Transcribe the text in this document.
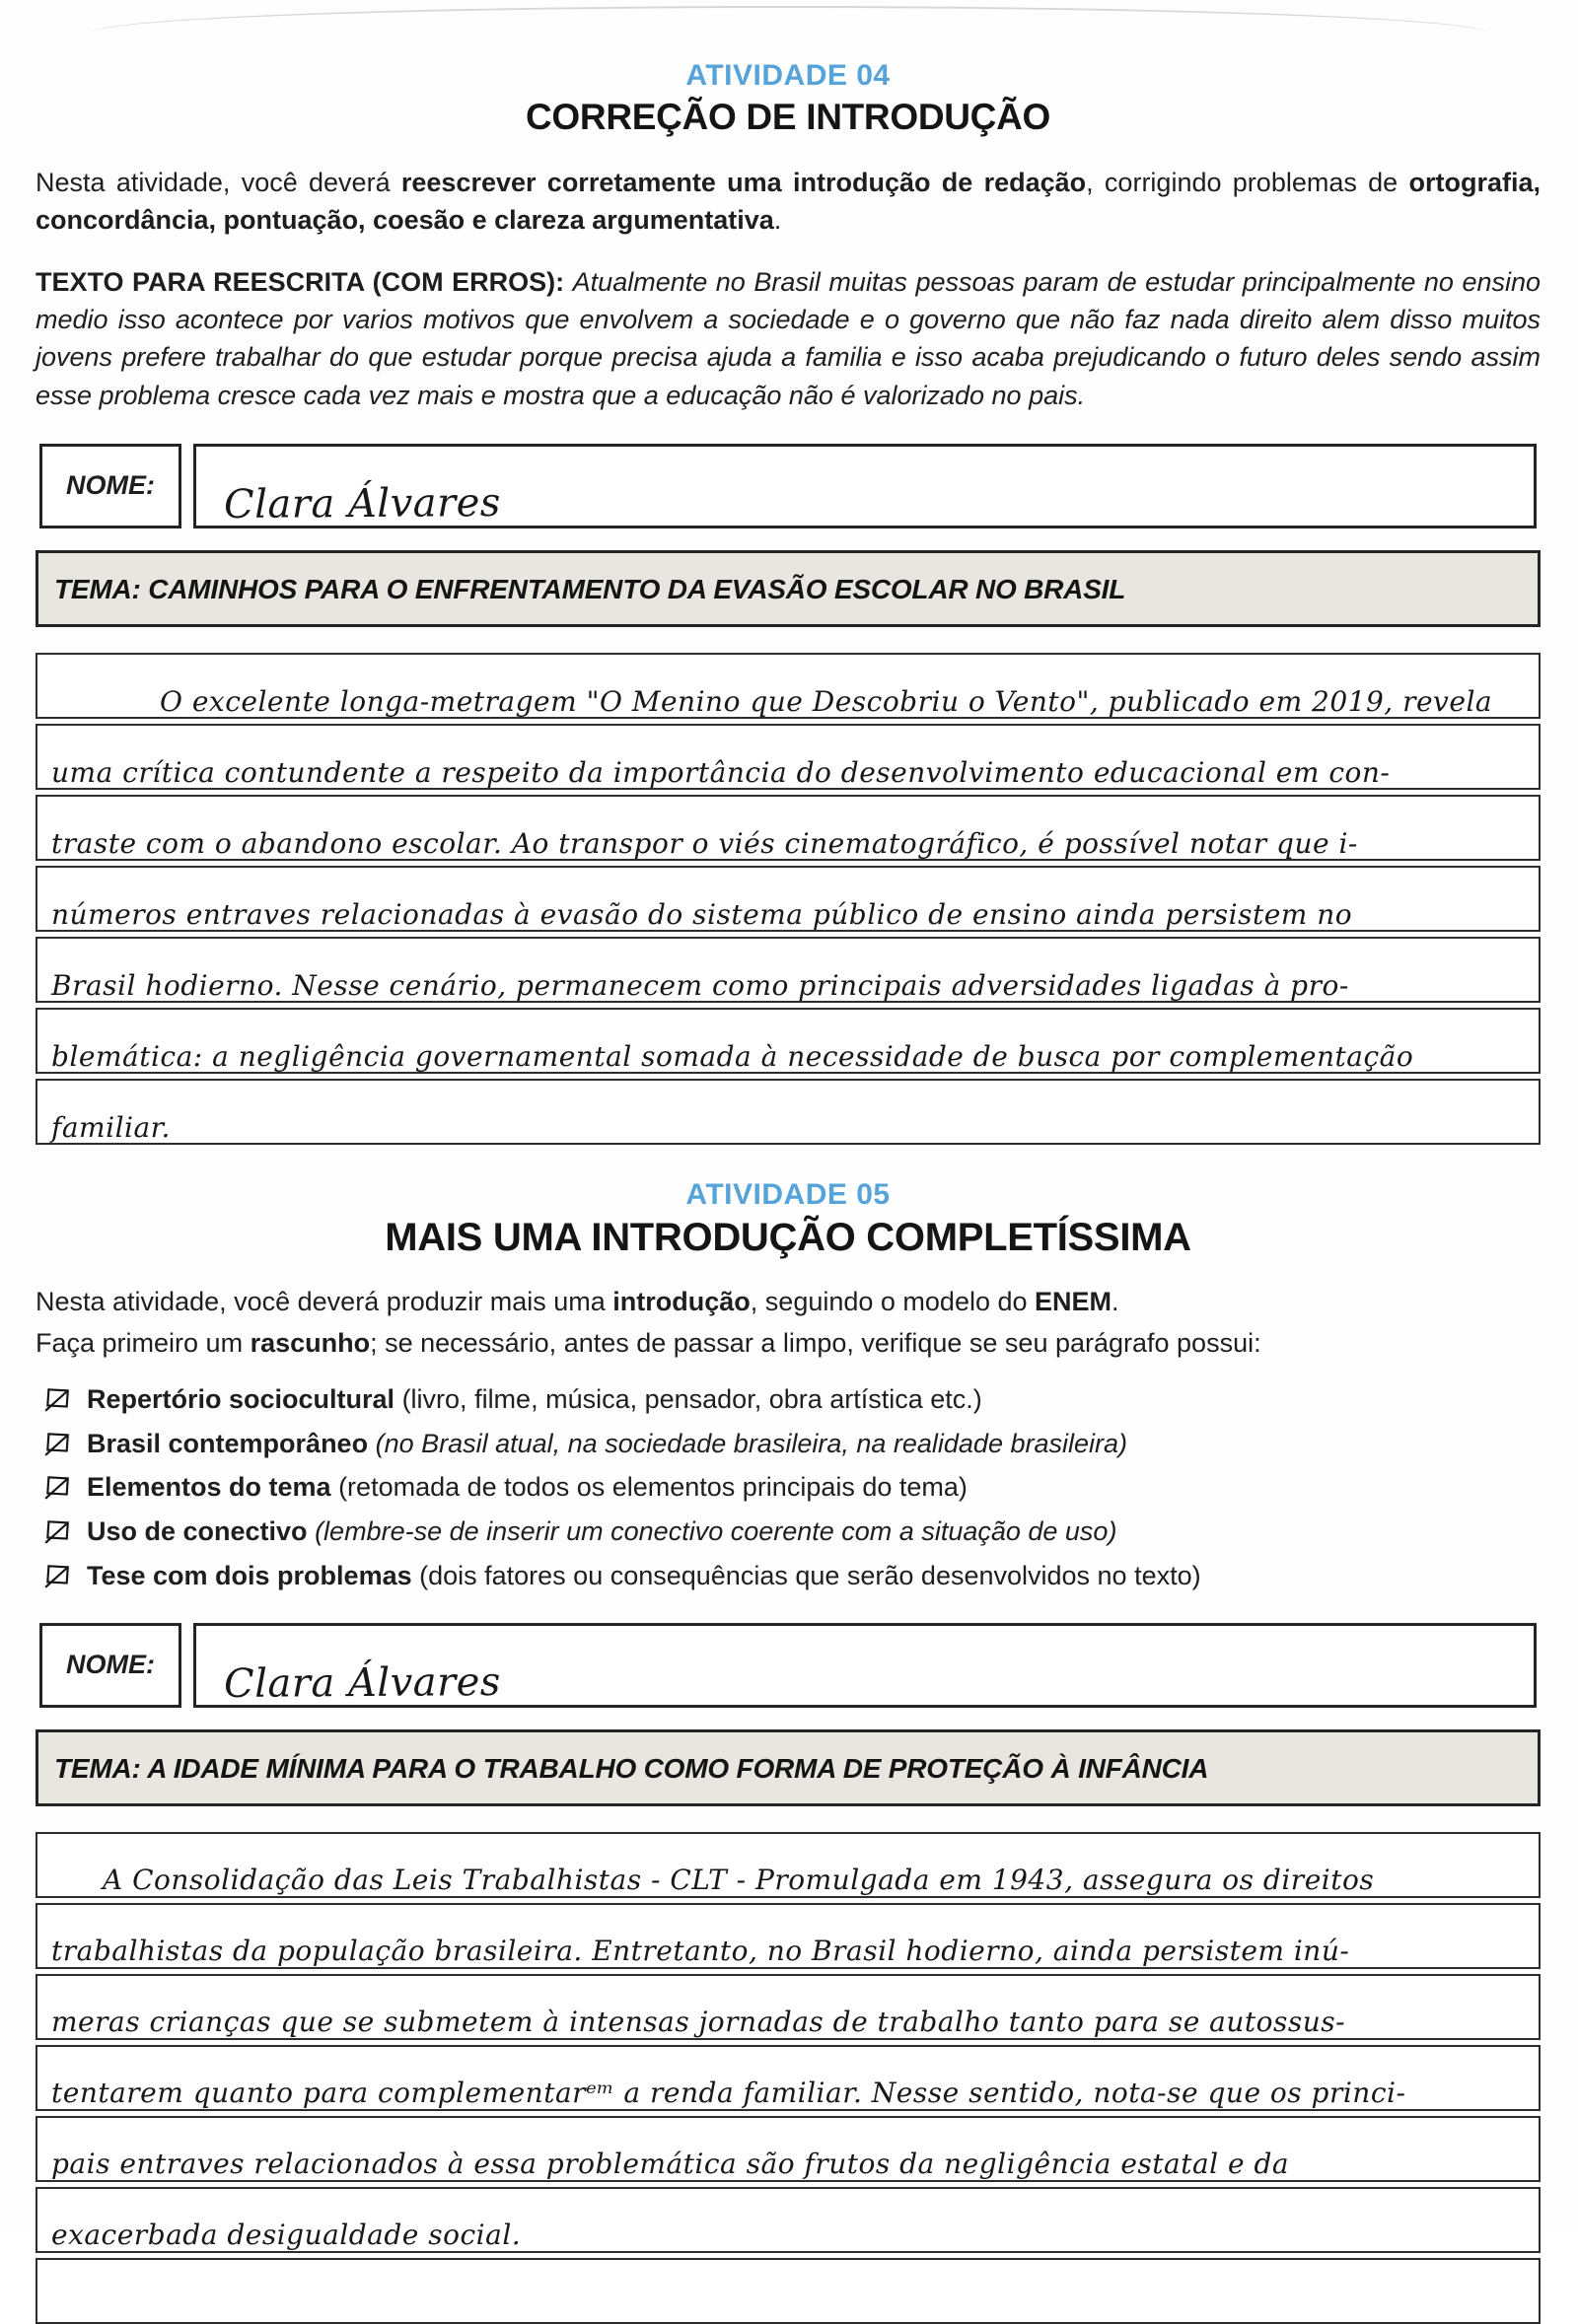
ATIVIDADE 04
CORREÇÃO DE INTRODUÇÃO

Nesta atividade, você deverá reescrever corretamente uma introdução de redação, corrigindo problemas de ortografia, concordância, pontuação, coesão e clareza argumentativa.

TEXTO PARA REESCRITA (COM ERROS): Atualmente no Brasil muitas pessoas param de estudar principalmente no ensino medio isso acontece por varios motivos que envolvem a sociedade e o governo que não faz nada direito alem disso muitos jovens prefere trabalhar do que estudar porque precisa ajuda a familia e isso acaba prejudicando o futuro deles sendo assim esse problema cresce cada vez mais e mostra que a educação não é valorizado no pais.

NOME: Clara Álvares
TEMA: CAMINHOS PARA O ENFRENTAMENTO DA EVASÃO ESCOLAR NO BRASIL
O excelente longa-metragem "O Menino que Descobriu o Vento", publicado em 2019, revela
uma crítica contundente a respeito da importância do desenvolvimento educacional em con-
traste com o abandono escolar. Ao transpor o viés cinematográfico, é possível notar que i-
números entraves relacionadas à evasão do sistema público de ensino ainda persistem no
Brasil hodierno. Nesse cenário, permanecem como principais adversidades ligadas à pro-
blemática: a negligência governamental somada à necessidade de busca por complementação
familiar.
ATIVIDADE 05
MAIS UMA INTRODUÇÃO COMPLETÍSSIMA

Nesta atividade, você deverá produzir mais uma introdução, seguindo o modelo do ENEM.

Faça primeiro um rascunho; se necessário, antes de passar a limpo, verifique se seu parágrafo possui:

Repertório sociocultural (livro, filme, música, pensador, obra artística etc.)
Brasil contemporâneo (no Brasil atual, na sociedade brasileira, na realidade brasileira)
Elementos do tema (retomada de todos os elementos principais do tema)
Uso de conectivo (lembre-se de inserir um conectivo coerente com a situação de uso)
Tese com dois problemas (dois fatores ou consequências que serão desenvolvidos no texto)
NOME: Clara Álvares
TEMA: A IDADE MÍNIMA PARA O TRABALHO COMO FORMA DE PROTEÇÃO À INFÂNCIA
A Consolidação das Leis Trabalhistas - CLT - Promulgada em 1943, assegura os direitos
trabalhistas da população brasileira. Entretanto, no Brasil hodierno, ainda persistem inú-
meras crianças que se submetem à intensas jornadas de trabalho tanto para se autossus-
tentarem quanto para complementarᵉᵐ a renda familiar. Nesse sentido, nota-se que os princi-
pais entraves relacionados à essa problemática são frutos da negligência estatal e da
exacerbada desigualdade social.
